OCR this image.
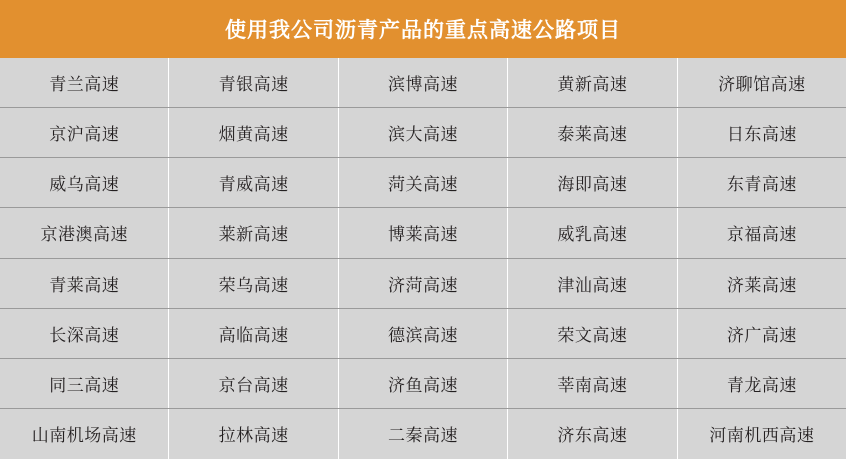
使用我公司沥青产品的重点高速公路项目
青兰高速	青银高速	滨博高速	黄新高速	济聊馆高速
京沪高速	烟黄高速	滨大高速	泰莱高速	日东高速
威乌高速	青威高速	菏关高速	海即高速	东青高速
京港澳高速	莱新高速	博莱高速	威乳高速	京福高速
青莱高速	荣乌高速	济菏高速	津汕高速	济莱高速
长深高速	高临高速	德滨高速	荣文高速	济广高速
同三高速	京台高速	济鱼高速	莘南高速	青龙高速
山南机场高速	拉林高速	二秦高速	济东高速	河南机西高速
